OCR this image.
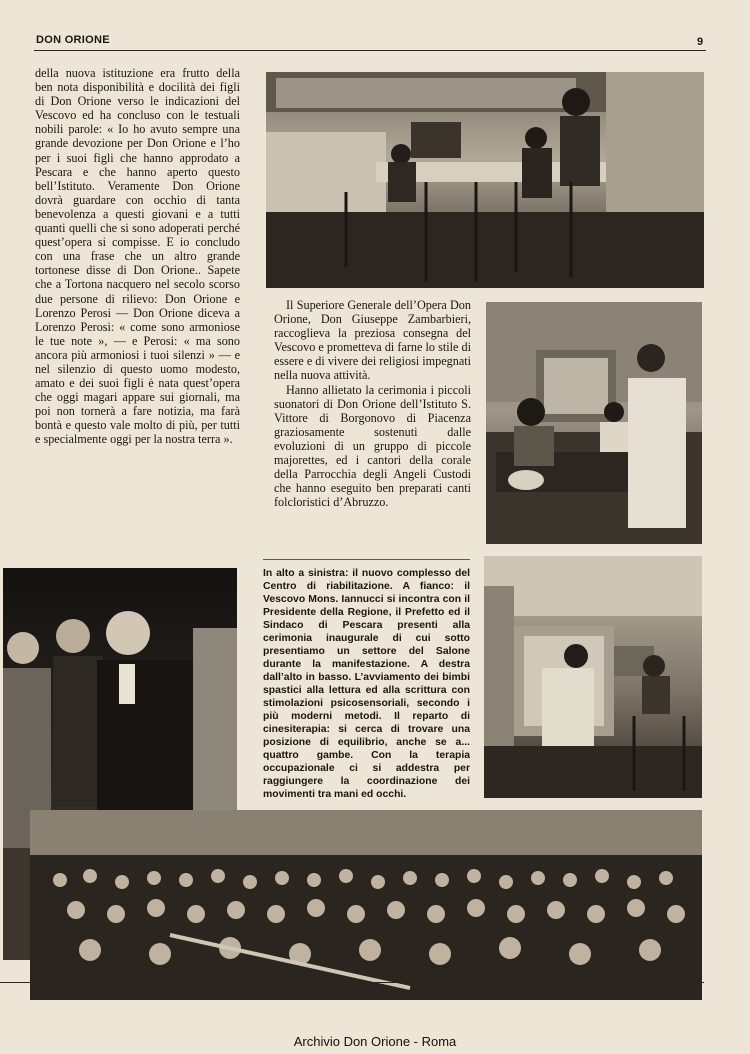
DON ORIONE	9

della nuova istituzione era frutto della ben nota disponibilità e docilità dei figli di Don Orione verso le indicazioni del Vescovo ed ha concluso con le testuali nobili parole: « Io ho avuto sempre una grande devozione per Don Orione e l’ho per i suoi figli che hanno approdato a Pescara e che hanno aperto questo bell’Istituto. Veramente Don Orione dovrà guardare con occhio di tanta benevolenza a questi giovani e a tutti quanti quelli che si sono adoperati perché quest’opera si compisse. E io concludo con una frase che un altro grande tortonese disse di Don Orione.. Sapete che a Tortona nacquero nel secolo scorso due persone di rilievo: Don Orione e Lorenzo Perosi — Don Orione diceva a Lorenzo Perosi: « come sono armoniose le tue note », — e Perosi: « ma sono ancora più armoniosi i tuoi silenzi » — e nel silenzio di questo uomo modesto, amato e dei suoi figli è nata quest’opera che oggi magari appare sui giornali, ma poi non tornerà a fare notizia, ma farà bontà e questo vale molto di più, per tutti e specialmente oggi per la nostra terra ».

Il Superiore Generale dell’Opera Don Orione, Don Giuseppe Zambarbieri, raccoglieva la preziosa consegna del Vescovo e prometteva di farne lo stile di essere e di vivere dei religiosi impegnati nella nuova attività.

Hanno allietato la cerimonia i piccoli suonatori di Don Orione dell’Istituto S. Vittore di Borgonovo di Piacenza graziosamente sostenuti dalle evoluzioni di un gruppo di piccole majorettes, ed i cantori della corale della Parrocchia degli Angeli Custodi che hanno eseguito ben preparati canti folcloristici d’Abruzzo.

In alto a sinistra: il nuovo complesso del Centro di riabilitazione. A fianco: il Vescovo Mons. Iannucci si incontra con il Presidente della Regione, il Prefetto ed il Sindaco di Pescara presenti alla cerimonia inaugurale di cui sotto presentiamo un settore del Salone durante la manifestazione. A destra dall’alto in basso. L’avviamento dei bimbi spastici alla lettura ed alla scrittura con stimolazioni psicosensoriali, secondo i più moderni metodi. Il reparto di cinesiterapia: si cerca di trovare una posizione di equilibrio, anche se a... quattro gambe. Con la terapia occupazionale ci si addestra per raggiungere la coordinazione dei movimenti tra mani ed occhi.

Archivio Don Orione - Roma
